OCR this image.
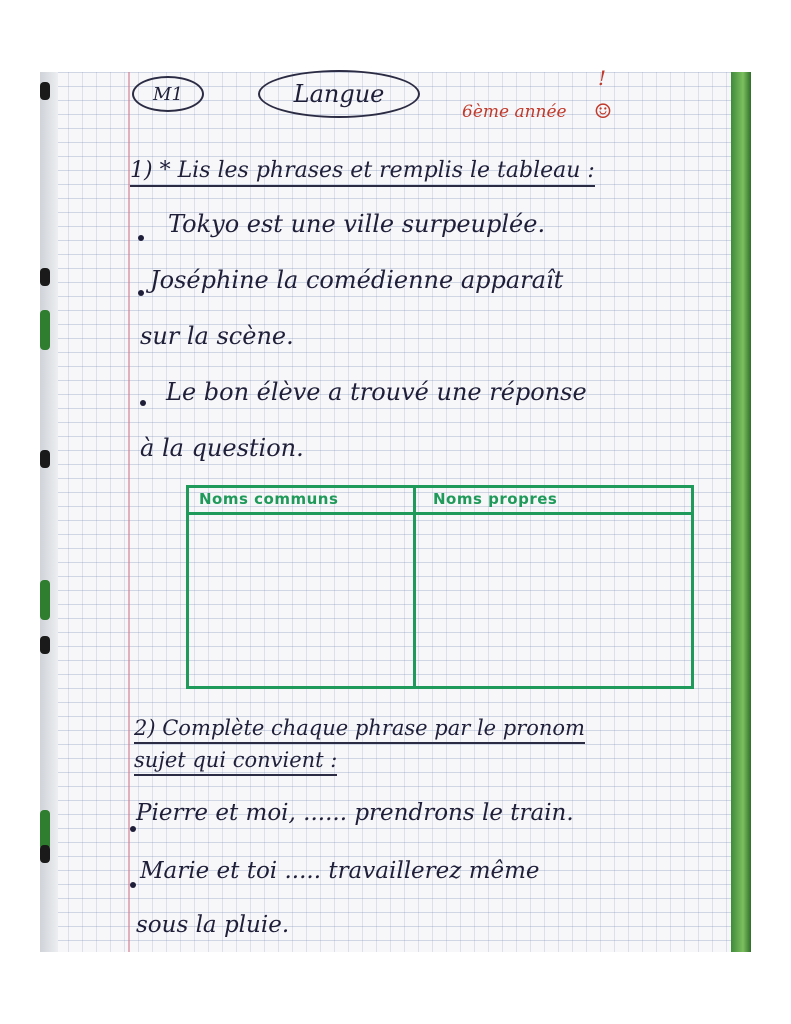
M1	Langue
!
6ème année ☺
1) * Lis les phrases et remplis le tableau :
Tokyo est une ville surpeuplée.
Joséphine la comédienne apparaît
sur la scène.
Le bon élève a trouvé une réponse
à la question.
Noms communs	Noms propres
2) Complète chaque phrase par le pronom
sujet qui convient :
Pierre et moi, ...... prendrons le train.
Marie et toi ..... travaillerez même
sous la pluie.
